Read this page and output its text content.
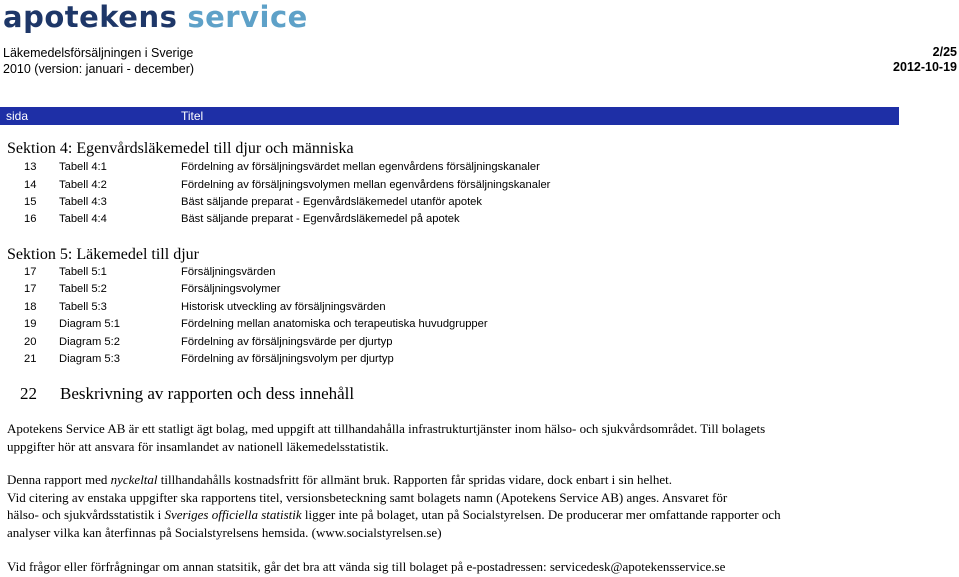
apotekens service
Läkemedelsförsäljningen i Sverige
2010 (version: januari - december)
2/25
2012-10-19
sida	Titel
Sektion 4: Egenvårdsläkemedel till djur och människa
13	Tabell 4:1	Fördelning av försäljningsvärdet mellan egenvårdens försäljningskanaler
14	Tabell 4:2	Fördelning av försäljningsvolymen mellan egenvårdens försäljningskanaler
15	Tabell 4:3	Bäst säljande preparat - Egenvårdsläkemedel utanför apotek
16	Tabell 4:4	Bäst säljande preparat - Egenvårdsläkemedel på apotek
Sektion 5: Läkemedel till djur
17	Tabell 5:1	Försäljningsvärden
17	Tabell 5:2	Försäljningsvolymer
18	Tabell 5:3	Historisk utveckling av försäljningsvärden
19	Diagram 5:1	Fördelning mellan anatomiska och terapeutiska huvudgrupper
20	Diagram 5:2	Fördelning av försäljningsvärde per djurtyp
21	Diagram 5:3	Fördelning av försäljningsvolym per djurtyp
22 Beskrivning av rapporten och dess innehåll
Apotekens Service AB är ett statligt ägt bolag, med uppgift att tillhandahålla infrastrukturtjänster inom hälso- och sjukvårdsområdet. Till bolagets
uppgifter hör att ansvara för insamlandet av nationell läkemedelsstatistik.
Denna rapport med nyckeltal tillhandahålls kostnadsfritt för allmänt bruk. Rapporten får spridas vidare, dock enbart i sin helhet.
Vid citering av enstaka uppgifter ska rapportens titel, versionsbeteckning samt bolagets namn (Apotekens Service AB) anges. Ansvaret för
hälso- och sjukvårdsstatistik i Sveriges officiella statistik ligger inte på bolaget, utan på Socialstyrelsen. De producerar mer omfattande rapporter och
analyser vilka kan återfinnas på Socialstyrelsens hemsida. (www.socialstyrelsen.se)
Vid frågor eller förfrågningar om annan statsitik, går det bra att vända sig till bolaget på e-postadressen: servicedesk@apotekensservice.se
